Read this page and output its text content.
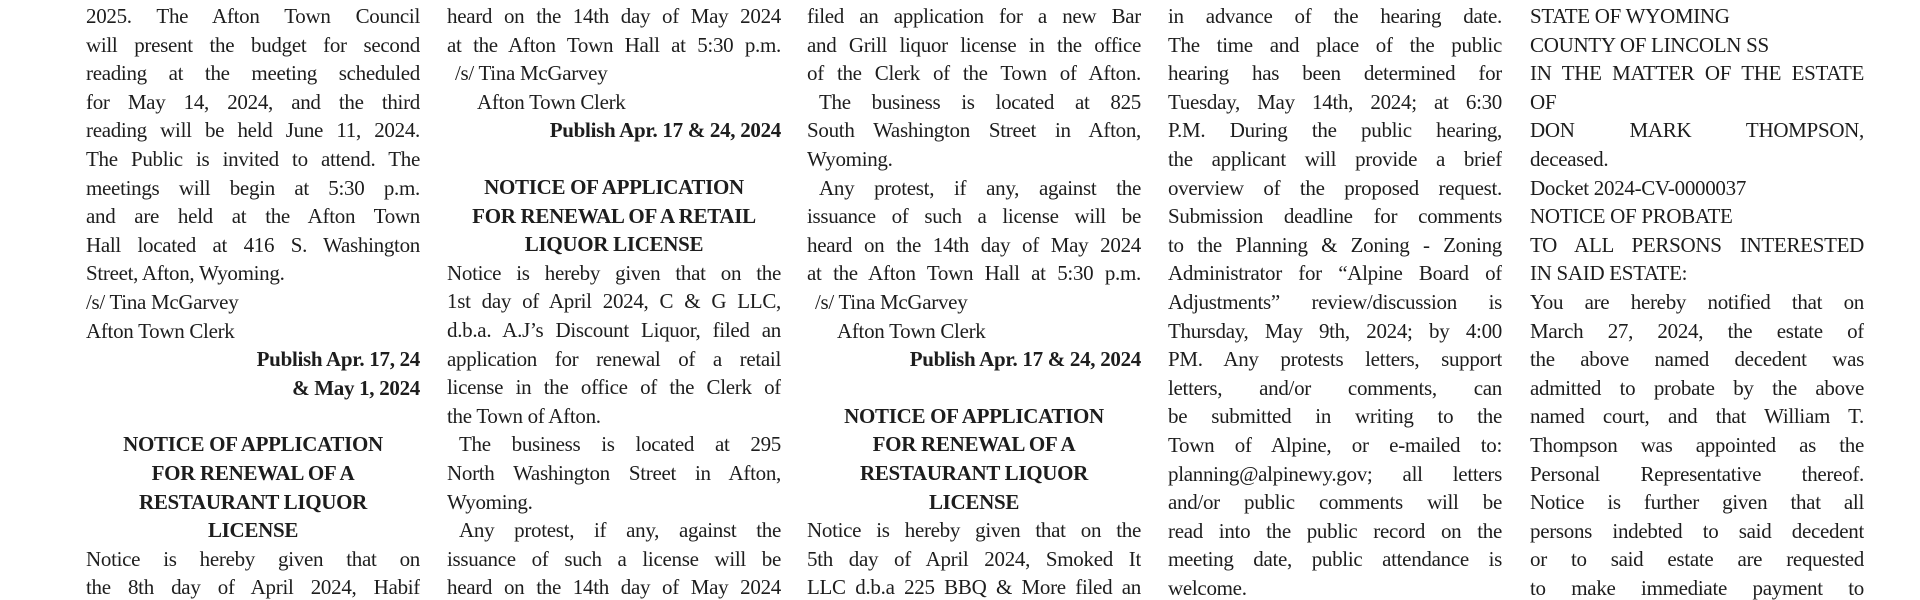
2025. The Afton Town Council
will present the budget for second
reading at the meeting scheduled
for May 14, 2024, and the third
reading will be held June 11, 2024.
The Public is invited to attend. The
meetings will begin at 5:30 p.m.
and are held at the Afton Town
Hall located at 416 S. Washington
Street, Afton, Wyoming.
/s/ Tina McGarvey
Afton Town Clerk
Publish Apr. 17, 24
& May 1, 2024
NOTICE OF APPLICATION
FOR RENEWAL OF A
RESTAURANT LIQUOR
LICENSE
Notice is hereby given that on
the 8th day of April 2024, Habif
heard on the 14th day of May 2024
at the Afton Town Hall at 5:30 p.m.
/s/ Tina McGarvey
Afton Town Clerk
Publish Apr. 17 & 24, 2024
NOTICE OF APPLICATION
FOR RENEWAL OF A RETAIL
LIQUOR LICENSE
Notice is hereby given that on the
1st day of April 2024, C & G LLC,
d.b.a. A.J’s Discount Liquor, filed an
application for renewal of a retail
license in the office of the Clerk of
the Town of Afton.
The business is located at 295
North Washington Street in Afton,
Wyoming.
Any protest, if any, against the
issuance of such a license will be
heard on the 14th day of May 2024
filed an application for a new Bar
and Grill liquor license in the office
of the Clerk of the Town of Afton.
The business is located at 825
South Washington Street in Afton,
Wyoming.
Any protest, if any, against the
issuance of such a license will be
heard on the 14th day of May 2024
at the Afton Town Hall at 5:30 p.m.
/s/ Tina McGarvey
Afton Town Clerk
Publish Apr. 17 & 24, 2024
NOTICE OF APPLICATION
FOR RENEWAL OF A
RESTAURANT LIQUOR
LICENSE
Notice is hereby given that on the
5th day of April 2024, Smoked It
LLC d.b.a 225 BBQ & More filed an
in advance of the hearing date.
The time and place of the public
hearing has been determined for
Tuesday, May 14th, 2024; at 6:30
P.M. During the public hearing,
the applicant will provide a brief
overview of the proposed request.
Submission deadline for comments
to the Planning & Zoning - Zoning
Administrator for “Alpine Board of
Adjustments” review/discussion is
Thursday, May 9th, 2024; by 4:00
PM. Any protests letters, support
letters, and/or comments, can
be submitted in writing to the
Town of Alpine, or e-mailed to:
planning@alpinewy.gov; all letters
and/or public comments will be
read into the public record on the
meeting date, public attendance is
welcome.
STATE OF WYOMING
COUNTY OF LINCOLN SS
IN THE MATTER OF THE ESTATE
OF
DON MARK THOMPSON,
deceased.
Docket 2024-CV-0000037
NOTICE OF PROBATE
TO ALL PERSONS INTERESTED
IN SAID ESTATE:
You are hereby notified that on
March 27, 2024, the estate of
the above named decedent was
admitted to probate by the above
named court, and that William T.
Thompson was appointed as the
Personal Representative thereof.
Notice is further given that all
persons indebted to said decedent
or to said estate are requested
to make immediate payment to
